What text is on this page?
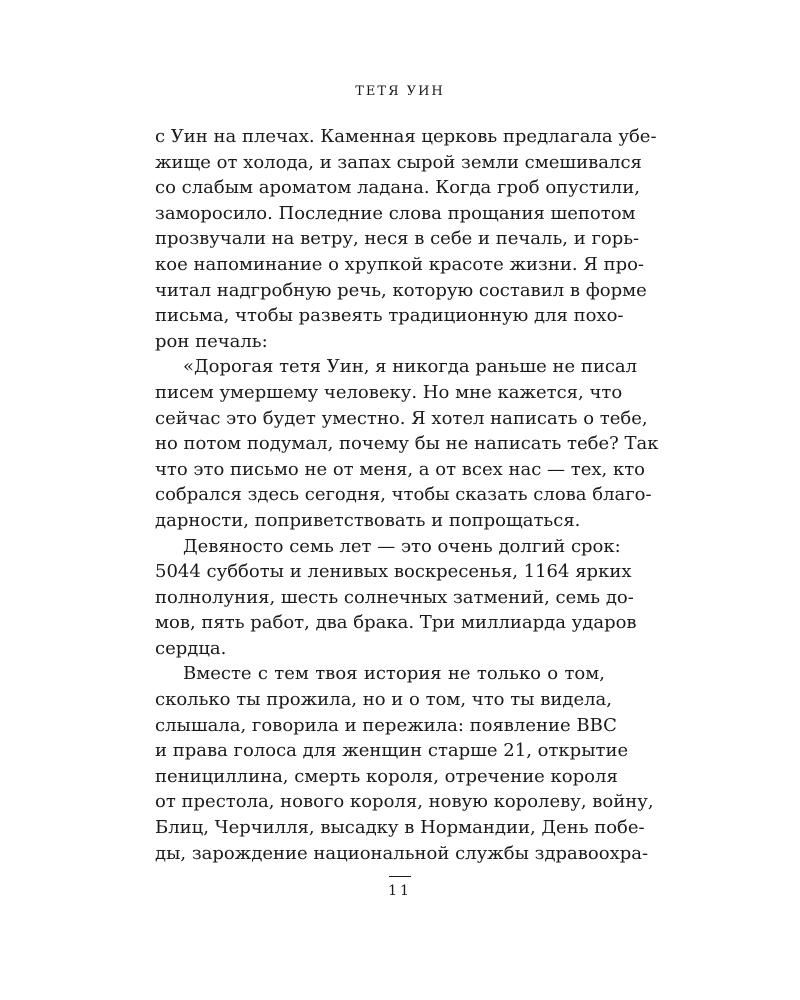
ТЕТЯ УИН
с Уин на плечах. Каменная церковь предлагала убе-
жище от холода, и запах сырой земли смешивался
со слабым ароматом ладана. Когда гроб опустили,
заморосило. Последние слова прощания шепотом
прозвучали на ветру, неся в себе и печаль, и горь-
кое напоминание о хрупкой красоте жизни. Я про-
читал надгробную речь, которую составил в форме
письма, чтобы развеять традиционную для похо-
рон печаль:
«Дорогая тетя Уин, я никогда раньше не писал
писем умершему человеку. Но мне кажется, что
сейчас это будет уместно. Я хотел написать о тебе,
но потом подумал, почему бы не написать тебе? Так
что это письмо не от меня, а от всех нас — тех, кто
собрался здесь сегодня, чтобы сказать слова благо-
дарности, поприветствовать и попрощаться.
Девяносто семь лет — это очень долгий срок:
5044 субботы и ленивых воскресенья, 1164 ярких
полнолуния, шесть солнечных затмений, семь до-
мов, пять работ, два брака. Три миллиарда ударов
сердца.
Вместе с тем твоя история не только о том,
сколько ты прожила, но и о том, что ты видела,
слышала, говорила и пережила: появление BBC
и права голоса для женщин старше 21, открытие
пенициллина, смерть короля, отречение короля
от престола, нового короля, новую королеву, войну,
Блиц, Черчилля, высадку в Нормандии, День побе-
ды, зарождение национальной службы здравоохра-
11
